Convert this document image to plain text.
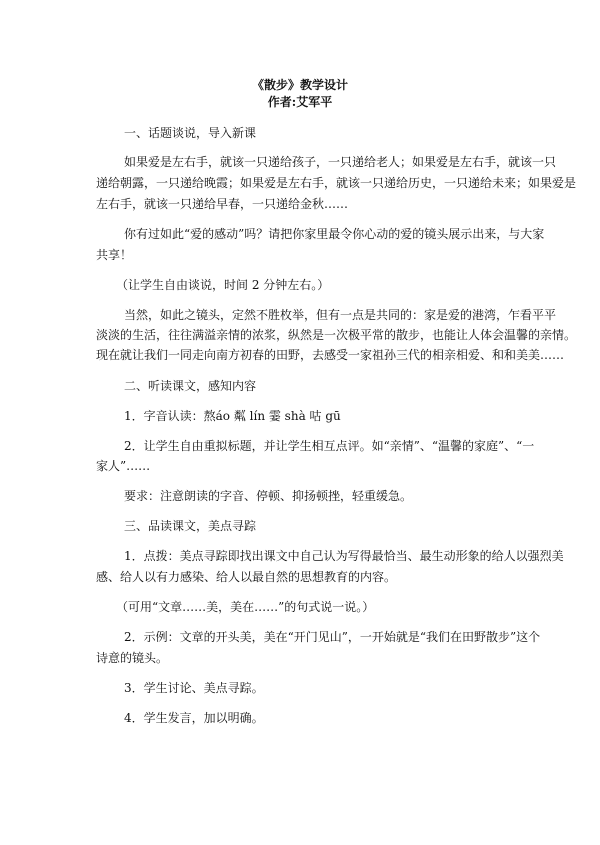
《散步》教学设计
作者:艾军平
一、话题谈说，导入新课
如果爱是左右手，就该一只递给孩子，一只递给老人；如果爱是左右手，就该一只
递给朝露，一只递给晚霞；如果爱是左右手，就该一只递给历史，一只递给未来；如果爱是
左右手，就该一只递给早春，一只递给金秋……
你有过如此“爱的感动”吗？请把你家里最令你心动的爱的镜头展示出来，与大家
共享！
（让学生自由谈说，时间 2 分钟左右。）
当然，如此之镜头，定然不胜枚举，但有一点是共同的：家是爱的港湾，乍看平平
淡淡的生活，往往满溢亲情的浓浆，纵然是一次极平常的散步，也能让人体会温馨的亲情。
现在就让我们一同走向南方初春的田野，去感受一家祖孙三代的相亲相爱、和和美美……
二、听读课文，感知内容
1．字音认读：熬áo 粼 lín 霎 shà 咕 gū
2．让学生自由重拟标题，并让学生相互点评。如“亲情”、“温馨的家庭”、“一
家人”……
要求：注意朗读的字音、停顿、抑扬顿挫，轻重缓急。
三、品读课文，美点寻踪
1．点拨：美点寻踪即找出课文中自己认为写得最恰当、最生动形象的给人以强烈美
感、给人以有力感染、给人以最自然的思想教育的内容。
（可用“文章……美，美在……”的句式说一说。）
2．示例：文章的开头美，美在“开门见山”，一开始就是“我们在田野散步”这个
诗意的镜头。
3．学生讨论、美点寻踪。
4．学生发言，加以明确。
